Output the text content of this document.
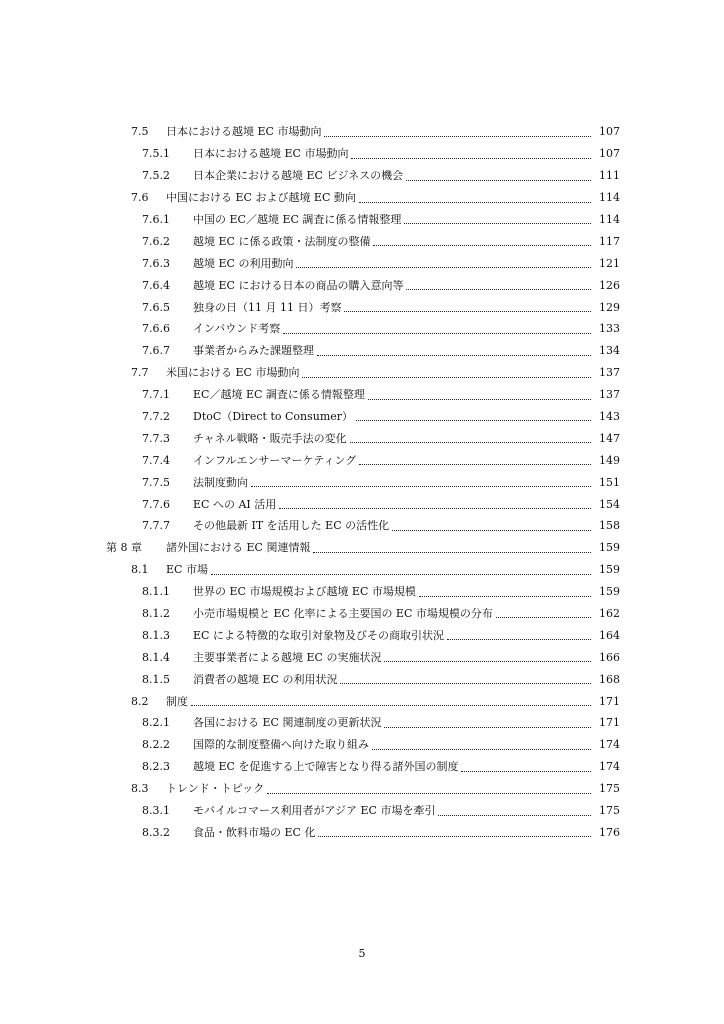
7.5	日本における越境 EC 市場動向	107
7.5.1	日本における越境 EC 市場動向	107
7.5.2	日本企業における越境 EC ビジネスの機会	111
7.6	中国における EC および越境 EC 動向	114
7.6.1	中国の EC／越境 EC 調査に係る情報整理	114
7.6.2	越境 EC に係る政策・法制度の整備	117
7.6.3	越境 EC の利用動向	121
7.6.4	越境 EC における日本の商品の購入意向等	126
7.6.5	独身の日（11 月 11 日）考察	129
7.6.6	インバウンド考察	133
7.6.7	事業者からみた課題整理	134
7.7	米国における EC 市場動向	137
7.7.1	EC／越境 EC 調査に係る情報整理	137
7.7.2	DtoC（Direct to Consumer）	143
7.7.3	チャネル戦略・販売手法の変化	147
7.7.4	インフルエンサーマーケティング	149
7.7.5	法制度動向	151
7.7.6	EC への AI 活用	154
7.7.7	その他最新 IT を活用した EC の活性化	158
第 8 章	諸外国における EC 関連情報	159
8.1	EC 市場	159
8.1.1	世界の EC 市場規模および越境 EC 市場規模	159
8.1.2	小売市場規模と EC 化率による主要国の EC 市場規模の分布	162
8.1.3	EC による特徴的な取引対象物及びその商取引状況	164
8.1.4	主要事業者による越境 EC の実施状況	166
8.1.5	消費者の越境 EC の利用状況	168
8.2	制度	171
8.2.1	各国における EC 関連制度の更新状況	171
8.2.2	国際的な制度整備へ向けた取り組み	174
8.2.3	越境 EC を促進する上で障害となり得る諸外国の制度	174
8.3	トレンド・トピック	175
8.3.1	モバイルコマース利用者がアジア EC 市場を牽引	175
8.3.2	食品・飲料市場の EC 化	176
5
